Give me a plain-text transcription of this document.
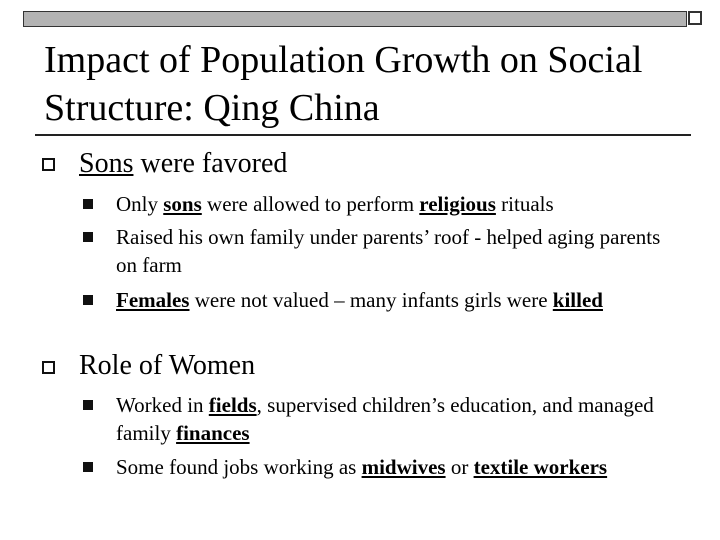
Impact of Population Growth on Social
Structure: Qing China
Sons were favored
Only sons were allowed to perform religious rituals
Raised his own family under parents’ roof - helped aging parents on farm
Females were not valued – many infants girls were killed
Role of Women
Worked in fields, supervised children’s education, and managed family finances
Some found jobs working as midwives or textile workers
